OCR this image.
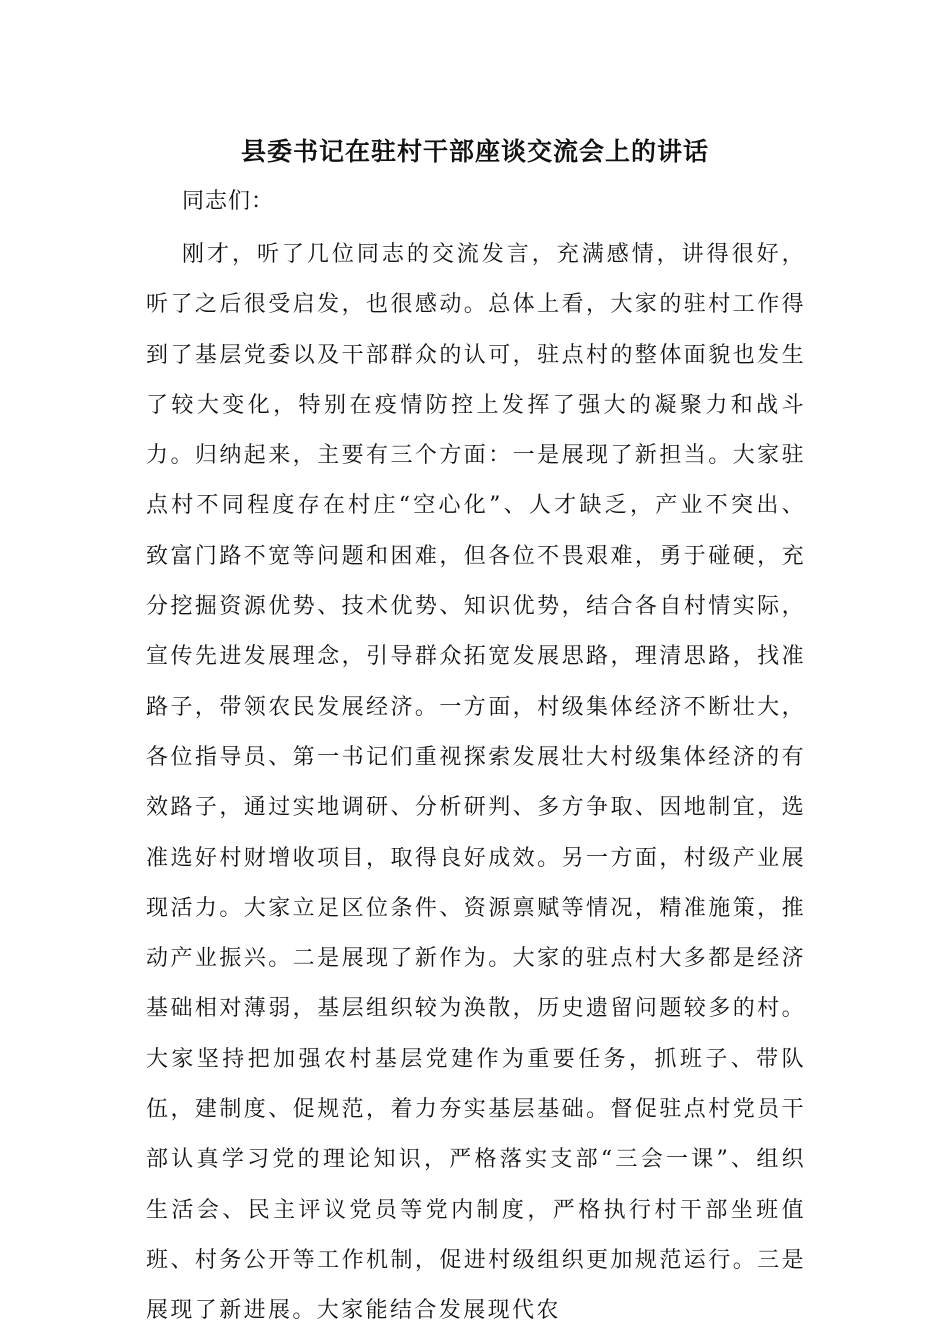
县委书记在驻村干部座谈交流会上的讲话
同志们：

刚才，听了几位同志的交流发言，充满感情，讲得很好，听了之后很受启发，也很感动。总体上看，大家的驻村工作得到了基层党委以及干部群众的认可，驻点村的整体面貌也发生了较大变化，特别在疫情防控上发挥了强大的凝聚力和战斗力。归纳起来，主要有三个方面：一是展现了新担当。大家驻点村不同程度存在村庄“空心化”、人才缺乏，产业不突出、致富门路不宽等问题和困难，但各位不畏艰难，勇于碰硬，充分挖掘资源优势、技术优势、知识优势，结合各自村情实际，宣传先进发展理念，引导群众拓宽发展思路，理清思路，找准路子，带领农民发展经济。一方面，村级集体经济不断壮大，各位指导员、第一书记们重视探索发展壮大村级集体经济的有效路子，通过实地调研、分析研判、多方争取、因地制宜，选准选好村财增收项目，取得良好成效。另一方面，村级产业展现活力。大家立足区位条件、资源禀赋等情况，精准施策，推动产业振兴。二是展现了新作为。大家的驻点村大多都是经济基础相对薄弱，基层组织较为涣散，历史遗留问题较多的村。大家坚持把加强农村基层党建作为重要任务，抓班子、带队伍，建制度、促规范，着力夯实基层基础。督促驻点村党员干部认真学习党的理论知识，严格落实支部“三会一课”、组织生活会、民主评议党员等党内制度，严格执行村干部坐班值班、村务公开等工作机制，促进村级组织更加规范运行。三是展现了新进展。大家能结合发展现代农
